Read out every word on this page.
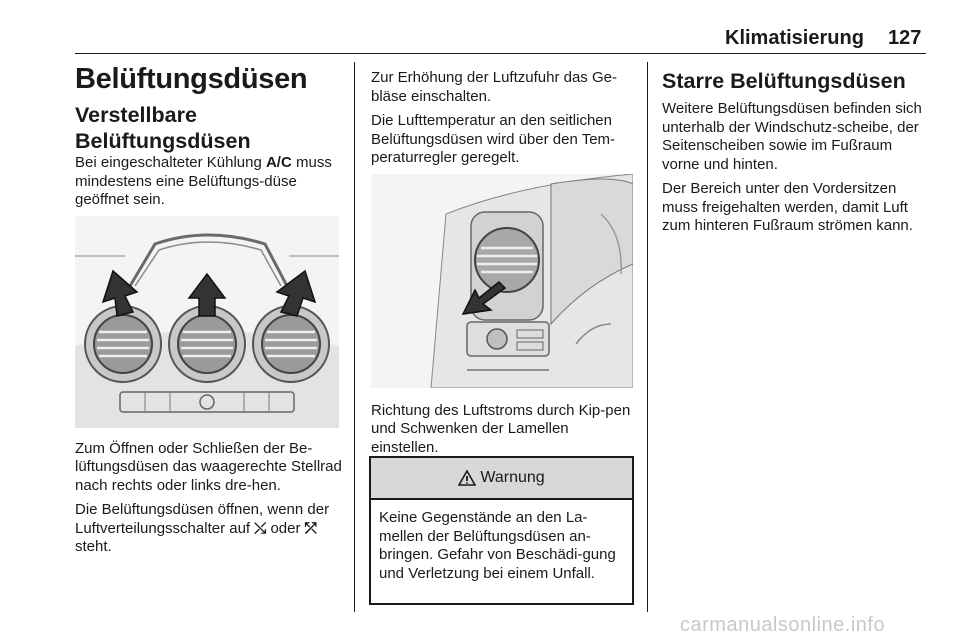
Klimatisierung 127
Belüftungsdüsen
Verstellbare
Belüftungsdüsen

Bei eingeschalteter Kühlung A/C muss mindestens eine Belüftungs-düse geöffnet sein.

Zum Öffnen oder Schließen der Be-lüftungsdüsen das waagerechte Stellrad nach rechts oder links dre-hen.

Die Belüftungsdüsen öffnen, wenn der Luftverteilungsschalter auf ⤯ oder ⤱ steht.

Zur Erhöhung der Luftzufuhr das Ge-bläse einschalten.

Die Lufttemperatur an den seitlichen Belüftungsdüsen wird über den Tem-peraturregler geregelt.

Richtung des Luftstroms durch Kip-pen und Schwenken der Lamellen einstellen.

Warnung

Keine Gegenstände an den La-mellen der Belüftungsdüsen an-bringen. Gefahr von Beschädi-gung und Verletzung bei einem Unfall.

Starre Belüftungsdüsen

Weitere Belüftungsdüsen befinden sich unterhalb der Windschutz-scheibe, der Seitenscheiben sowie im Fußraum vorne und hinten.

Der Bereich unter den Vordersitzen muss freigehalten werden, damit Luft zum hinteren Fußraum strömen kann.

carmanualsonline.info
